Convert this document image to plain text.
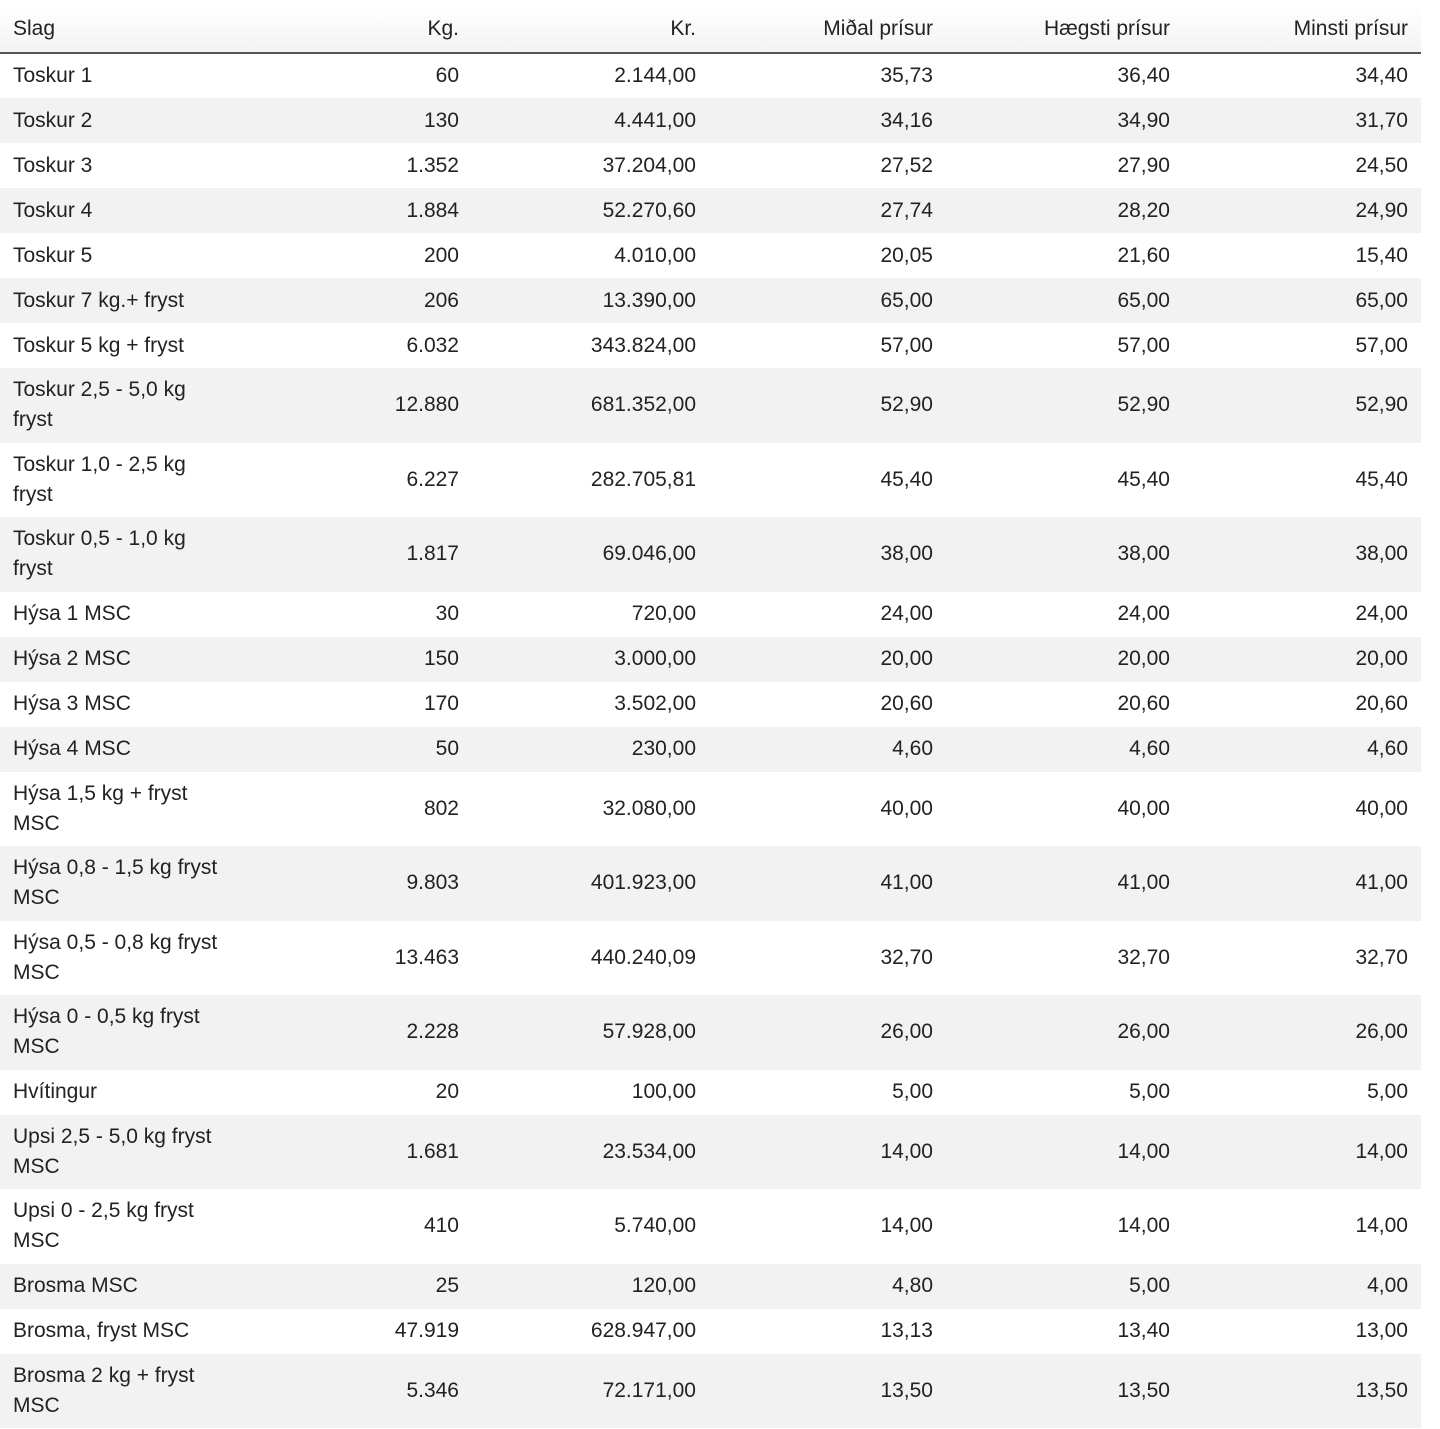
Slag	Kg.	Kr.	Miðal prísur	Hægsti prísur	Minsti prísur
Toskur 1	60	2.144,00	35,73	36,40	34,40
Toskur 2	130	4.441,00	34,16	34,90	31,70
Toskur 3	1.352	37.204,00	27,52	27,90	24,50
Toskur 4	1.884	52.270,60	27,74	28,20	24,90
Toskur 5	200	4.010,00	20,05	21,60	15,40
Toskur 7 kg.+ fryst	206	13.390,00	65,00	65,00	65,00
Toskur 5 kg + fryst	6.032	343.824,00	57,00	57,00	57,00
Toskur 2,5 - 5,0 kg fryst	12.880	681.352,00	52,90	52,90	52,90
Toskur 1,0 - 2,5 kg fryst	6.227	282.705,81	45,40	45,40	45,40
Toskur 0,5 - 1,0 kg fryst	1.817	69.046,00	38,00	38,00	38,00
Hýsa 1 MSC	30	720,00	24,00	24,00	24,00
Hýsa 2 MSC	150	3.000,00	20,00	20,00	20,00
Hýsa 3 MSC	170	3.502,00	20,60	20,60	20,60
Hýsa 4 MSC	50	230,00	4,60	4,60	4,60
Hýsa 1,5 kg + fryst MSC	802	32.080,00	40,00	40,00	40,00
Hýsa 0,8 - 1,5 kg fryst MSC	9.803	401.923,00	41,00	41,00	41,00
Hýsa 0,5 - 0,8 kg fryst MSC	13.463	440.240,09	32,70	32,70	32,70
Hýsa 0 - 0,5 kg fryst MSC	2.228	57.928,00	26,00	26,00	26,00
Hvítingur	20	100,00	5,00	5,00	5,00
Upsi 2,5 - 5,0 kg fryst MSC	1.681	23.534,00	14,00	14,00	14,00
Upsi 0 - 2,5 kg fryst MSC	410	5.740,00	14,00	14,00	14,00
Brosma MSC	25	120,00	4,80	5,00	4,00
Brosma, fryst MSC	47.919	628.947,00	13,13	13,40	13,00
Brosma 2 kg + fryst MSC	5.346	72.171,00	13,50	13,50	13,50
